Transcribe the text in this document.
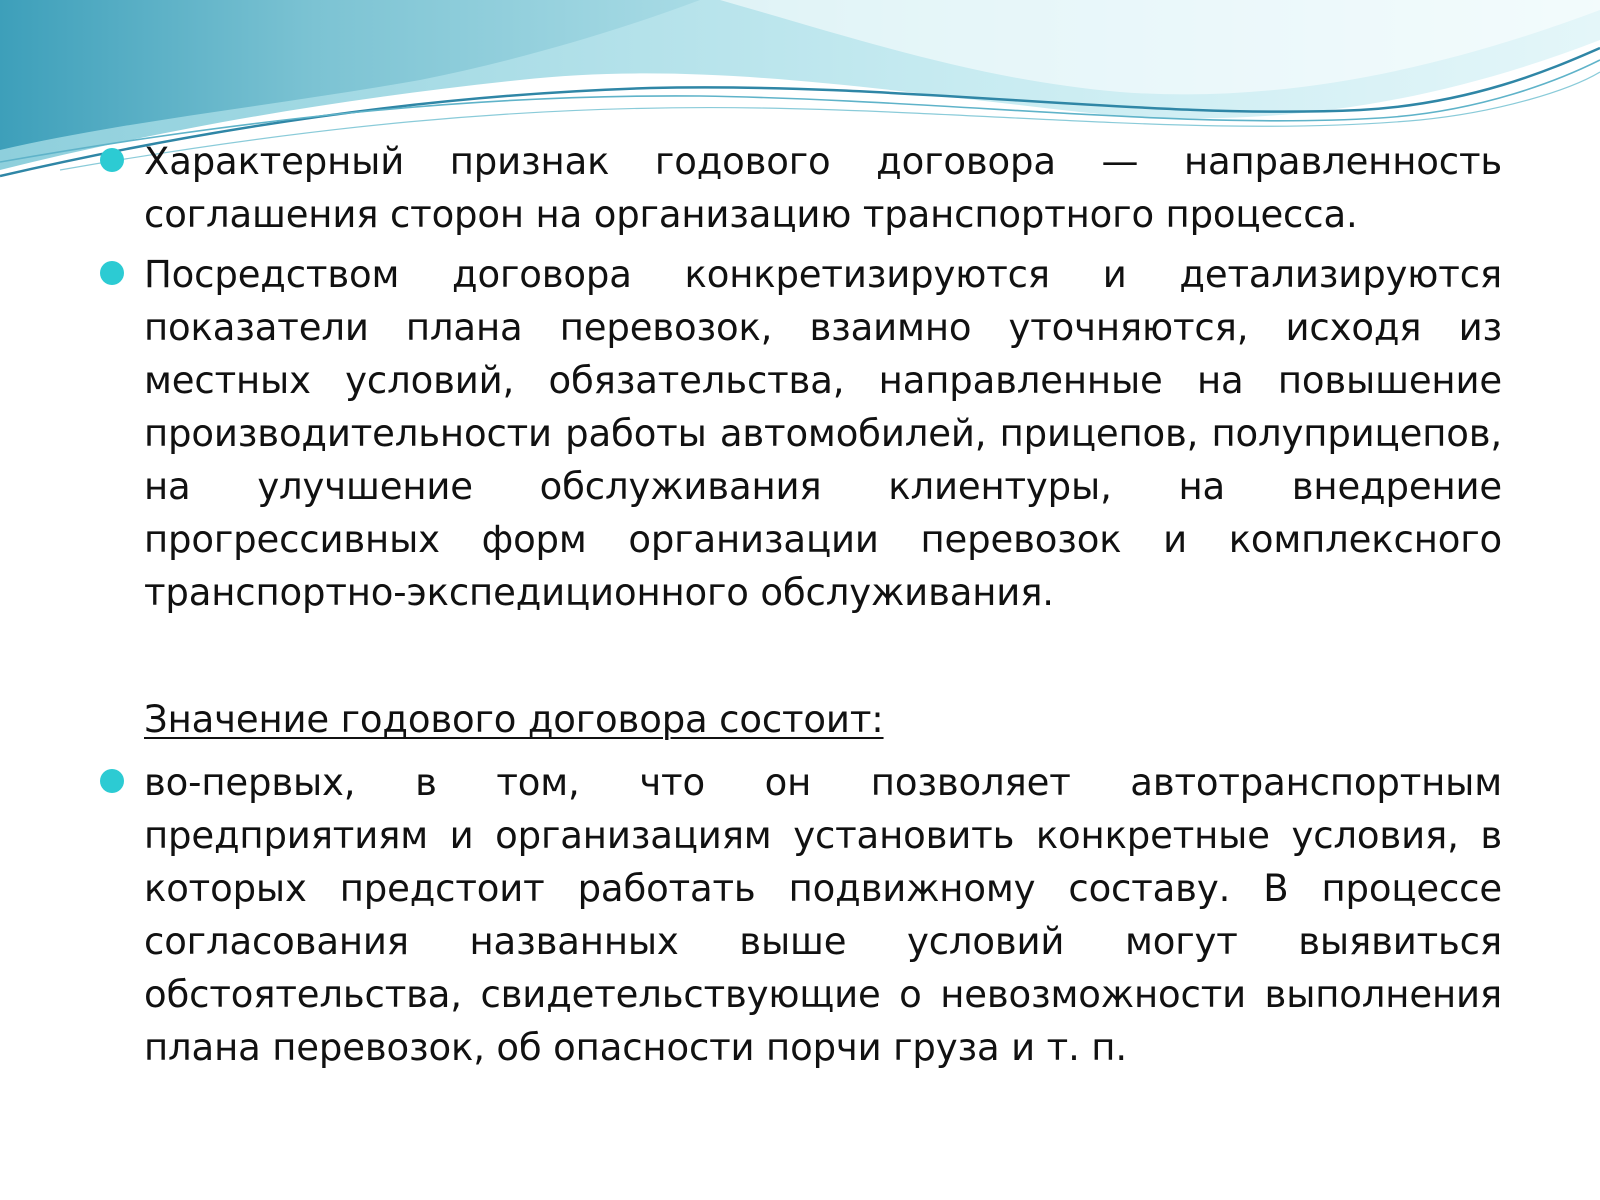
Характерный признак годового договора — направленность соглашения сторон на организацию транспортного процесса.

Посредством договора конкретизируются и детализируются показатели плана перевозок, взаимно уточняются, исходя из местных условий, обязательства, направленные на повышение производительности работы автомобилей, прицепов, полуприцепов, на улучшение обслуживания клиентуры, на внедрение прогрессивных форм организации перевозок и комплексного транспортно-экспедиционного обслуживания.

Значение годового договора состоит:

во-первых, в том, что он позволяет автотранспортным предприятиям и организациям установить конкретные условия, в которых предстоит работать подвижному составу. В процессе согласования названных выше условий могут выявиться обстоятельства, свидетельствующие о невозможности выполнения плана перевозок, об опасности порчи груза и т. п.
